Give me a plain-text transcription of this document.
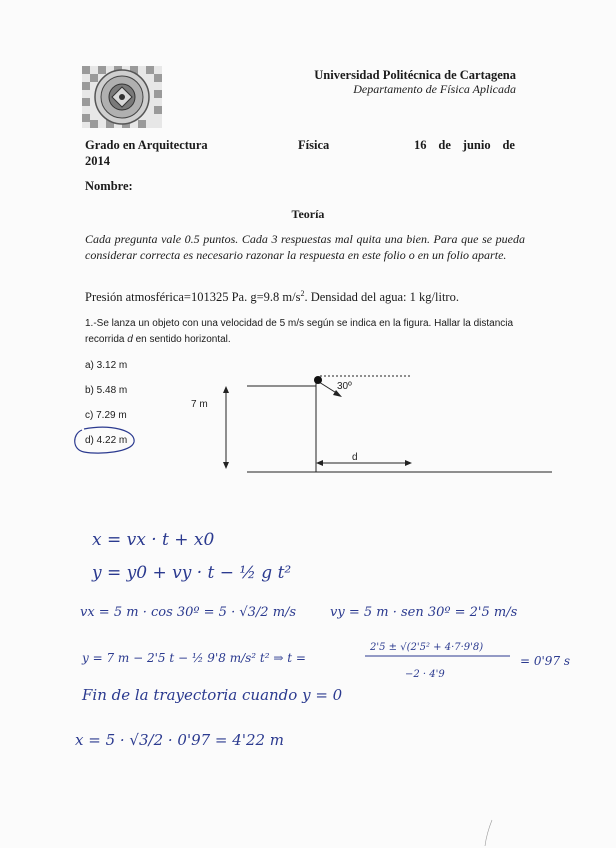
Universidad Politécnica de Cartagena
Departamento de Física Aplicada
Grado en Arquitectura
2014
Física	16 de junio de
Nombre:
Teoría
Cada pregunta vale 0.5 puntos. Cada 3 respuestas mal quita una bien. Para que se pueda considerar correcta es necesario razonar la respuesta en este folio o en un folio aparte.
Presión atmosférica=101325 Pa. g=9.8 $m/s^2$. Densidad del agua: 1 kg/litro.
1.-Se lanza un objeto con una velocidad de 5 m/s según se indica en la figura. Hallar la distancia recorrida d en sentido horizontal.
a) 3.12 m
b) 5.48 m
c) 7.29 m
d) 4.22 m
7 m
30º
d
x = vx · t + x0
y = y0 + vy · t − ½ g t²
vx = 5 m · cos 30º = 5 · √3/2 m/s	vy = 5 m · sen 30º = 2'5 m/s
y = 7 m − 2'5 t − ½ 9'8 m/s² t² ⇒ t =
2'5 ± √(2'5² + 4·7·9'8)
−2 · 4'9
= 0'97 s
Fin de la trayectoria cuando y = 0
x = 5 · √3/2 · 0'97 = 4'22 m
